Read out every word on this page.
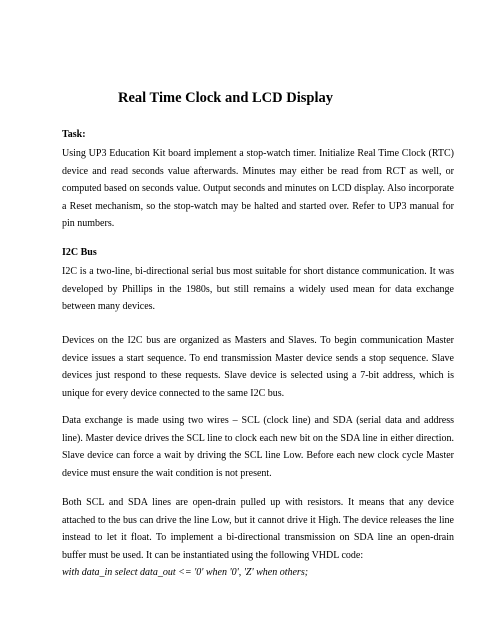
Real Time Clock and LCD Display

Task:

Using UP3 Education Kit board implement a stop-watch timer. Initialize Real Time Clock (RTC) device and read seconds value afterwards. Minutes may either be read from RCT as well, or computed based on seconds value. Output seconds and minutes on LCD display. Also incorporate a Reset mechanism, so the stop-watch may be halted and started over. Refer to UP3 manual for pin numbers.

I2C Bus

I2C is a two-line, bi-directional serial bus most suitable for short distance communication. It was developed by Phillips in the 1980s, but still remains a widely used mean for data exchange between many devices.

Devices on the I2C bus are organized as Masters and Slaves. To begin communication Master device issues a start sequence. To end transmission Master device sends a stop sequence. Slave devices just respond to these requests. Slave device is selected using a 7-bit address, which is unique for every device connected to the same I2C bus.

Data exchange is made using two wires – SCL (clock line) and SDA (serial data and address line). Master device drives the SCL line to clock each new bit on the SDA line in either direction. Slave device can force a wait by driving the SCL line Low. Before each new clock cycle Master device must ensure the wait condition is not present.

Both SCL and SDA lines are open-drain pulled up with resistors. It means that any device attached to the bus can drive the line Low, but it cannot drive it High. The device releases the line instead to let it float. To implement a bi-directional transmission on SDA line an open-drain buffer must be used. It can be instantiated using the following VHDL code:

with data_in select data_out <= '0' when '0', 'Z' when others;
